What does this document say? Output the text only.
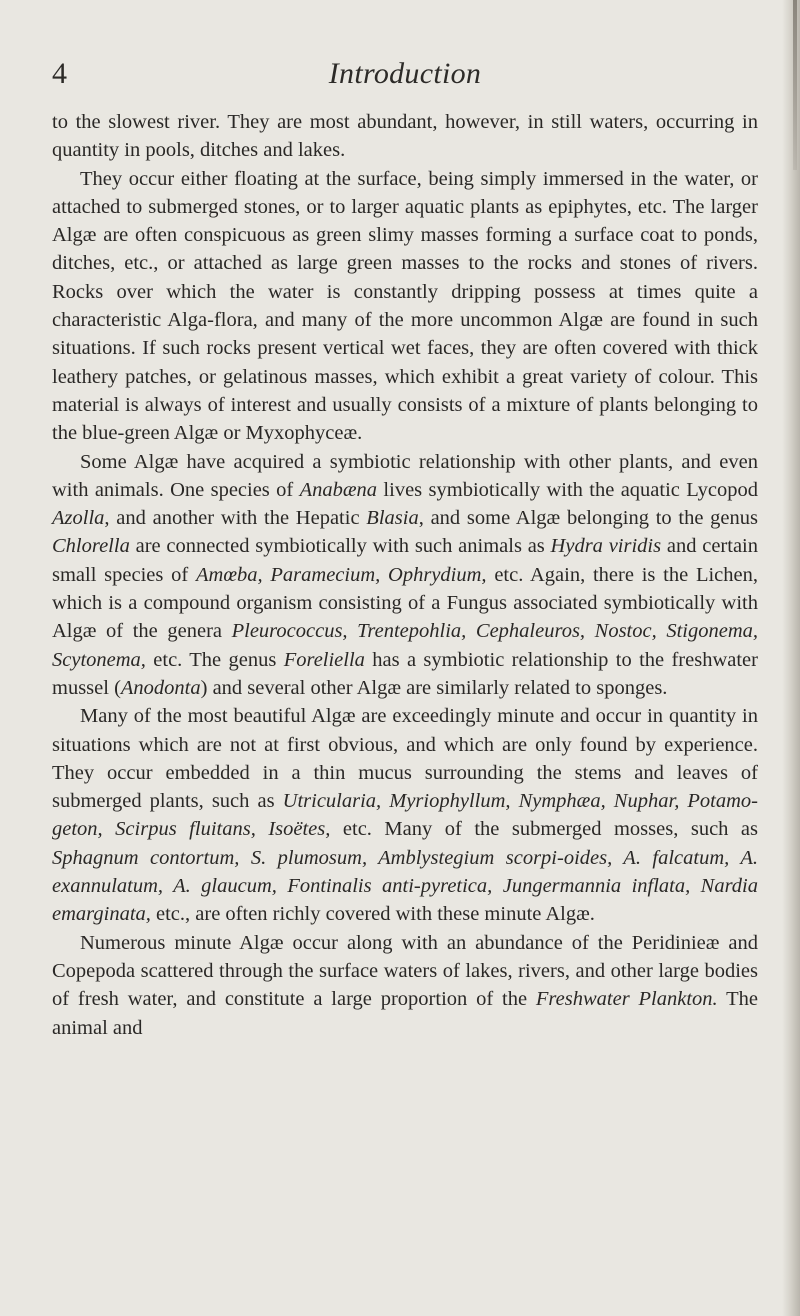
4	Introduction

to the slowest river. They are most abundant, however, in still waters, occurring in quantity in pools, ditches and lakes.

They occur either floating at the surface, being simply immersed in the water, or attached to submerged stones, or to larger aquatic plants as epiphytes, etc. The larger Algæ are often conspicuous as green slimy masses forming a surface coat to ponds, ditches, etc., or attached as large green masses to the rocks and stones of rivers. Rocks over which the water is constantly dripping possess at times quite a characteristic Alga-flora, and many of the more uncommon Algæ are found in such situations. If such rocks present vertical wet faces, they are often covered with thick leathery patches, or gelatinous masses, which exhibit a great variety of colour. This material is always of interest and usually consists of a mixture of plants belonging to the blue-green Algæ or Myxophyceæ.

Some Algæ have acquired a symbiotic relationship with other plants, and even with animals. One species of Anabæna lives symbiotically with the aquatic Lycopod Azolla, and another with the Hepatic Blasia, and some Algæ belonging to the genus Chlorella are connected symbiotically with such animals as Hydra viridis and certain small species of Amœba, Paramecium, Ophrydium, etc. Again, there is the Lichen, which is a compound organism consisting of a Fungus associated symbiotically with Algæ of the genera Pleurococcus, Trentepohlia, Cephaleuros, Nostoc, Stigonema, Scytonema, etc. The genus Foreliella has a symbiotic relationship to the freshwater mussel (Anodonta) and several other Algæ are similarly related to sponges.

Many of the most beautiful Algæ are exceedingly minute and occur in quantity in situations which are not at first obvious, and which are only found by experience. They occur embedded in a thin mucus surrounding the stems and leaves of submerged plants, such as Utricularia, Myriophyllum, Nymphæa, Nuphar, Potamo-geton, Scirpus fluitans, Isoëtes, etc. Many of the submerged mosses, such as Sphagnum contortum, S. plumosum, Amblystegium scorpi-oides, A. falcatum, A. exannulatum, A. glaucum, Fontinalis anti-pyretica, Jungermannia inflata, Nardia emarginata, etc., are often richly covered with these minute Algæ.

Numerous minute Algæ occur along with an abundance of the Peridinieæ and Copepoda scattered through the surface waters of lakes, rivers, and other large bodies of fresh water, and constitute a large proportion of the Freshwater Plankton. The animal and
